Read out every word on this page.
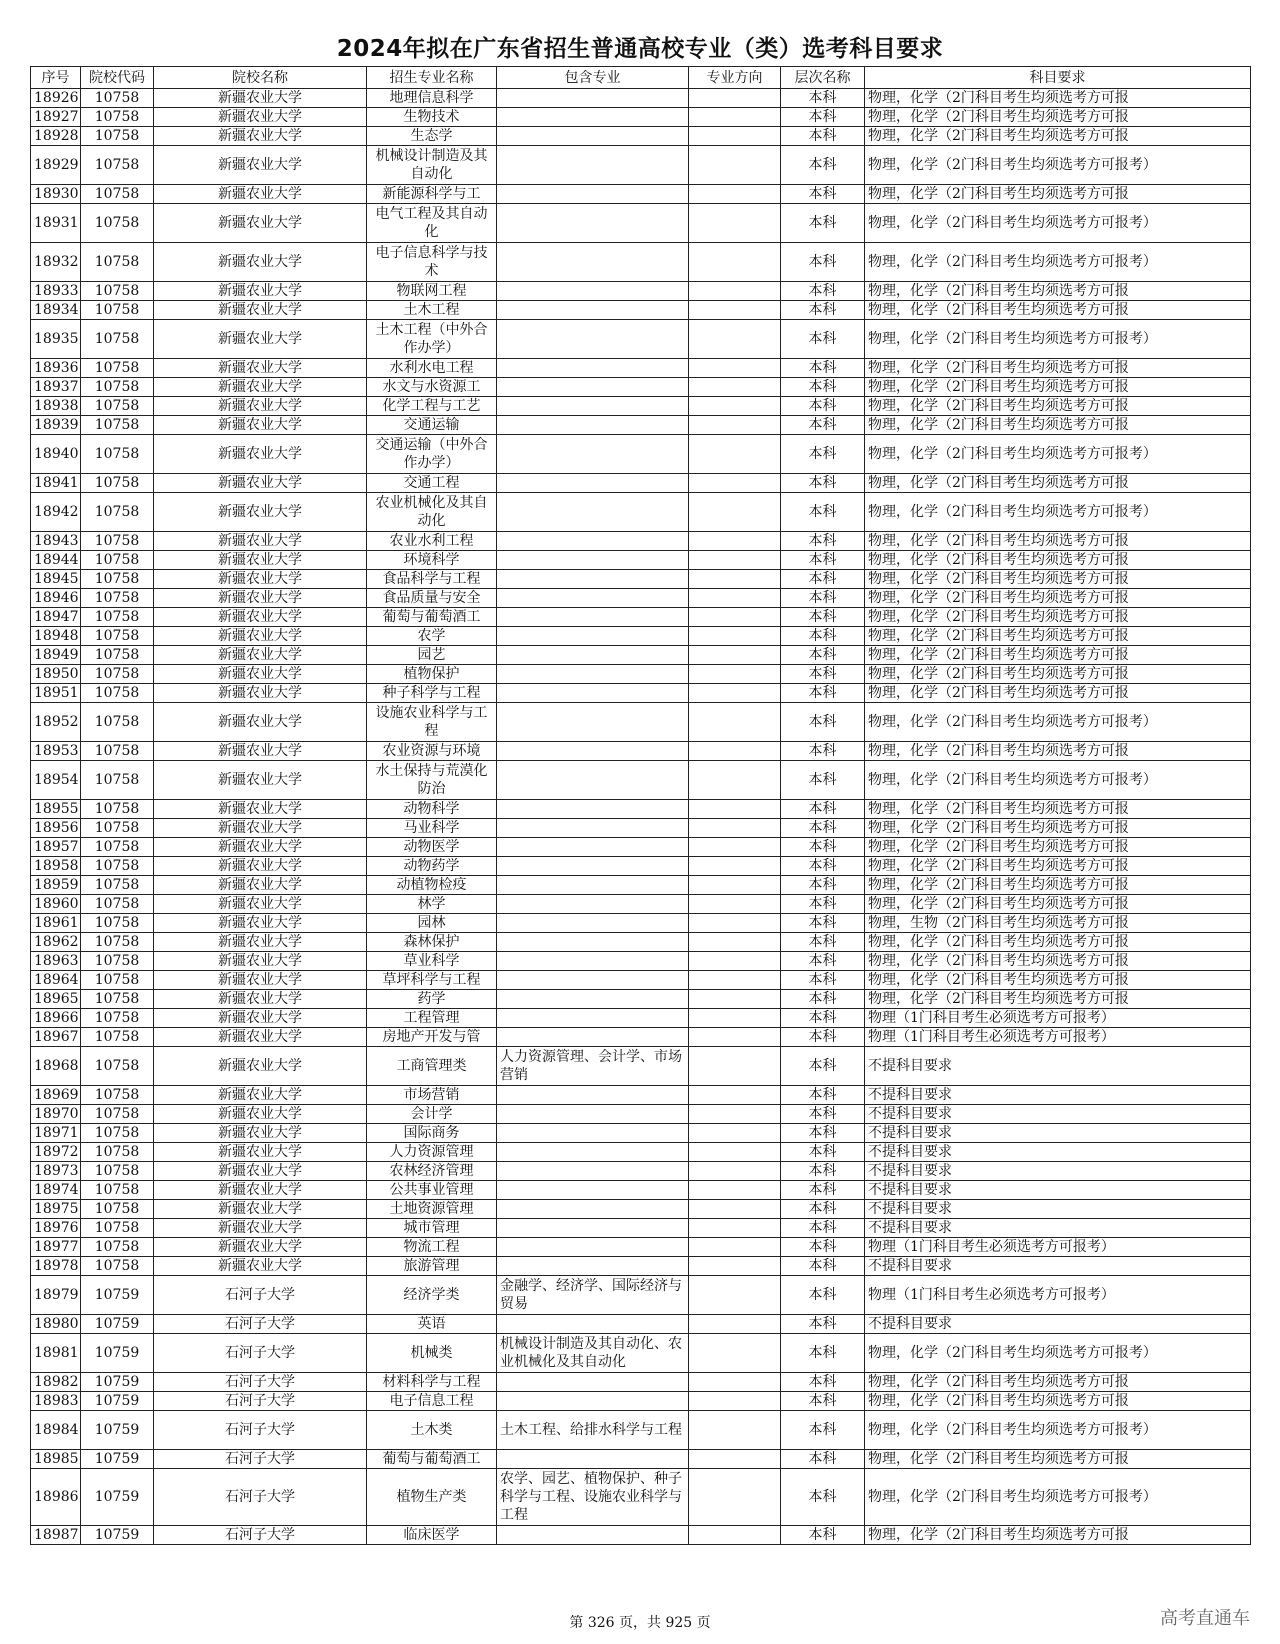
2024年拟在广东省招生普通高校专业（类）选考科目要求
序号	院校代码	院校名称	招生专业名称	包含专业	专业方向	层次名称	科目要求
18926	10758	新疆农业大学	地理信息科学			本科	物理，化学（2门科目考生均须选考方可报
18927	10758	新疆农业大学	生物技术			本科	物理，化学（2门科目考生均须选考方可报
18928	10758	新疆农业大学	生态学			本科	物理，化学（2门科目考生均须选考方可报
18929	10758	新疆农业大学	机械设计制造及其自动化			本科	物理，化学（2门科目考生均须选考方可报考）
18930	10758	新疆农业大学	新能源科学与工			本科	物理，化学（2门科目考生均须选考方可报
18931	10758	新疆农业大学	电气工程及其自动化			本科	物理，化学（2门科目考生均须选考方可报考）
18932	10758	新疆农业大学	电子信息科学与技术			本科	物理，化学（2门科目考生均须选考方可报考）
18933	10758	新疆农业大学	物联网工程			本科	物理，化学（2门科目考生均须选考方可报
18934	10758	新疆农业大学	土木工程			本科	物理，化学（2门科目考生均须选考方可报
18935	10758	新疆农业大学	土木工程（中外合作办学）			本科	物理，化学（2门科目考生均须选考方可报考）
18936	10758	新疆农业大学	水利水电工程			本科	物理，化学（2门科目考生均须选考方可报
18937	10758	新疆农业大学	水文与水资源工			本科	物理，化学（2门科目考生均须选考方可报
18938	10758	新疆农业大学	化学工程与工艺			本科	物理，化学（2门科目考生均须选考方可报
18939	10758	新疆农业大学	交通运输			本科	物理，化学（2门科目考生均须选考方可报
18940	10758	新疆农业大学	交通运输（中外合作办学）			本科	物理，化学（2门科目考生均须选考方可报考）
18941	10758	新疆农业大学	交通工程			本科	物理，化学（2门科目考生均须选考方可报
18942	10758	新疆农业大学	农业机械化及其自动化			本科	物理，化学（2门科目考生均须选考方可报考）
18943	10758	新疆农业大学	农业水利工程			本科	物理，化学（2门科目考生均须选考方可报
18944	10758	新疆农业大学	环境科学			本科	物理，化学（2门科目考生均须选考方可报
18945	10758	新疆农业大学	食品科学与工程			本科	物理，化学（2门科目考生均须选考方可报
18946	10758	新疆农业大学	食品质量与安全			本科	物理，化学（2门科目考生均须选考方可报
18947	10758	新疆农业大学	葡萄与葡萄酒工			本科	物理，化学（2门科目考生均须选考方可报
18948	10758	新疆农业大学	农学			本科	物理，化学（2门科目考生均须选考方可报
18949	10758	新疆农业大学	园艺			本科	物理，化学（2门科目考生均须选考方可报
18950	10758	新疆农业大学	植物保护			本科	物理，化学（2门科目考生均须选考方可报
18951	10758	新疆农业大学	种子科学与工程			本科	物理，化学（2门科目考生均须选考方可报
18952	10758	新疆农业大学	设施农业科学与工程			本科	物理，化学（2门科目考生均须选考方可报考）
18953	10758	新疆农业大学	农业资源与环境			本科	物理，化学（2门科目考生均须选考方可报
18954	10758	新疆农业大学	水土保持与荒漠化防治			本科	物理，化学（2门科目考生均须选考方可报考）
18955	10758	新疆农业大学	动物科学			本科	物理，化学（2门科目考生均须选考方可报
18956	10758	新疆农业大学	马业科学			本科	物理，化学（2门科目考生均须选考方可报
18957	10758	新疆农业大学	动物医学			本科	物理，化学（2门科目考生均须选考方可报
18958	10758	新疆农业大学	动物药学			本科	物理，化学（2门科目考生均须选考方可报
18959	10758	新疆农业大学	动植物检疫			本科	物理，化学（2门科目考生均须选考方可报
18960	10758	新疆农业大学	林学			本科	物理，化学（2门科目考生均须选考方可报
18961	10758	新疆农业大学	园林			本科	物理，生物（2门科目考生均须选考方可报
18962	10758	新疆农业大学	森林保护			本科	物理，化学（2门科目考生均须选考方可报
18963	10758	新疆农业大学	草业科学			本科	物理，化学（2门科目考生均须选考方可报
18964	10758	新疆农业大学	草坪科学与工程			本科	物理，化学（2门科目考生均须选考方可报
18965	10758	新疆农业大学	药学			本科	物理，化学（2门科目考生均须选考方可报
18966	10758	新疆农业大学	工程管理			本科	物理（1门科目考生必须选考方可报考）
18967	10758	新疆农业大学	房地产开发与管			本科	物理（1门科目考生必须选考方可报考）
18968	10758	新疆农业大学	工商管理类	人力资源管理、会计学、市场营销		本科	不提科目要求
18969	10758	新疆农业大学	市场营销			本科	不提科目要求
18970	10758	新疆农业大学	会计学			本科	不提科目要求
18971	10758	新疆农业大学	国际商务			本科	不提科目要求
18972	10758	新疆农业大学	人力资源管理			本科	不提科目要求
18973	10758	新疆农业大学	农林经济管理			本科	不提科目要求
18974	10758	新疆农业大学	公共事业管理			本科	不提科目要求
18975	10758	新疆农业大学	土地资源管理			本科	不提科目要求
18976	10758	新疆农业大学	城市管理			本科	不提科目要求
18977	10758	新疆农业大学	物流工程			本科	物理（1门科目考生必须选考方可报考）
18978	10758	新疆农业大学	旅游管理			本科	不提科目要求
18979	10759	石河子大学	经济学类	金融学、经济学、国际经济与贸易		本科	物理（1门科目考生必须选考方可报考）
18980	10759	石河子大学	英语			本科	不提科目要求
18981	10759	石河子大学	机械类	机械设计制造及其自动化、农业机械化及其自动化		本科	物理，化学（2门科目考生均须选考方可报考）
18982	10759	石河子大学	材料科学与工程			本科	物理，化学（2门科目考生均须选考方可报
18983	10759	石河子大学	电子信息工程			本科	物理，化学（2门科目考生均须选考方可报
18984	10759	石河子大学	土木类	土木工程、给排水科学与工程		本科	物理，化学（2门科目考生均须选考方可报考）
18985	10759	石河子大学	葡萄与葡萄酒工			本科	物理，化学（2门科目考生均须选考方可报
18986	10759	石河子大学	植物生产类	农学、园艺、植物保护、种子科学与工程、设施农业科学与工程		本科	物理，化学（2门科目考生均须选考方可报考）
18987	10759	石河子大学	临床医学			本科	物理，化学（2门科目考生均须选考方可报
第 326 页，共 925 页	高考直通车
